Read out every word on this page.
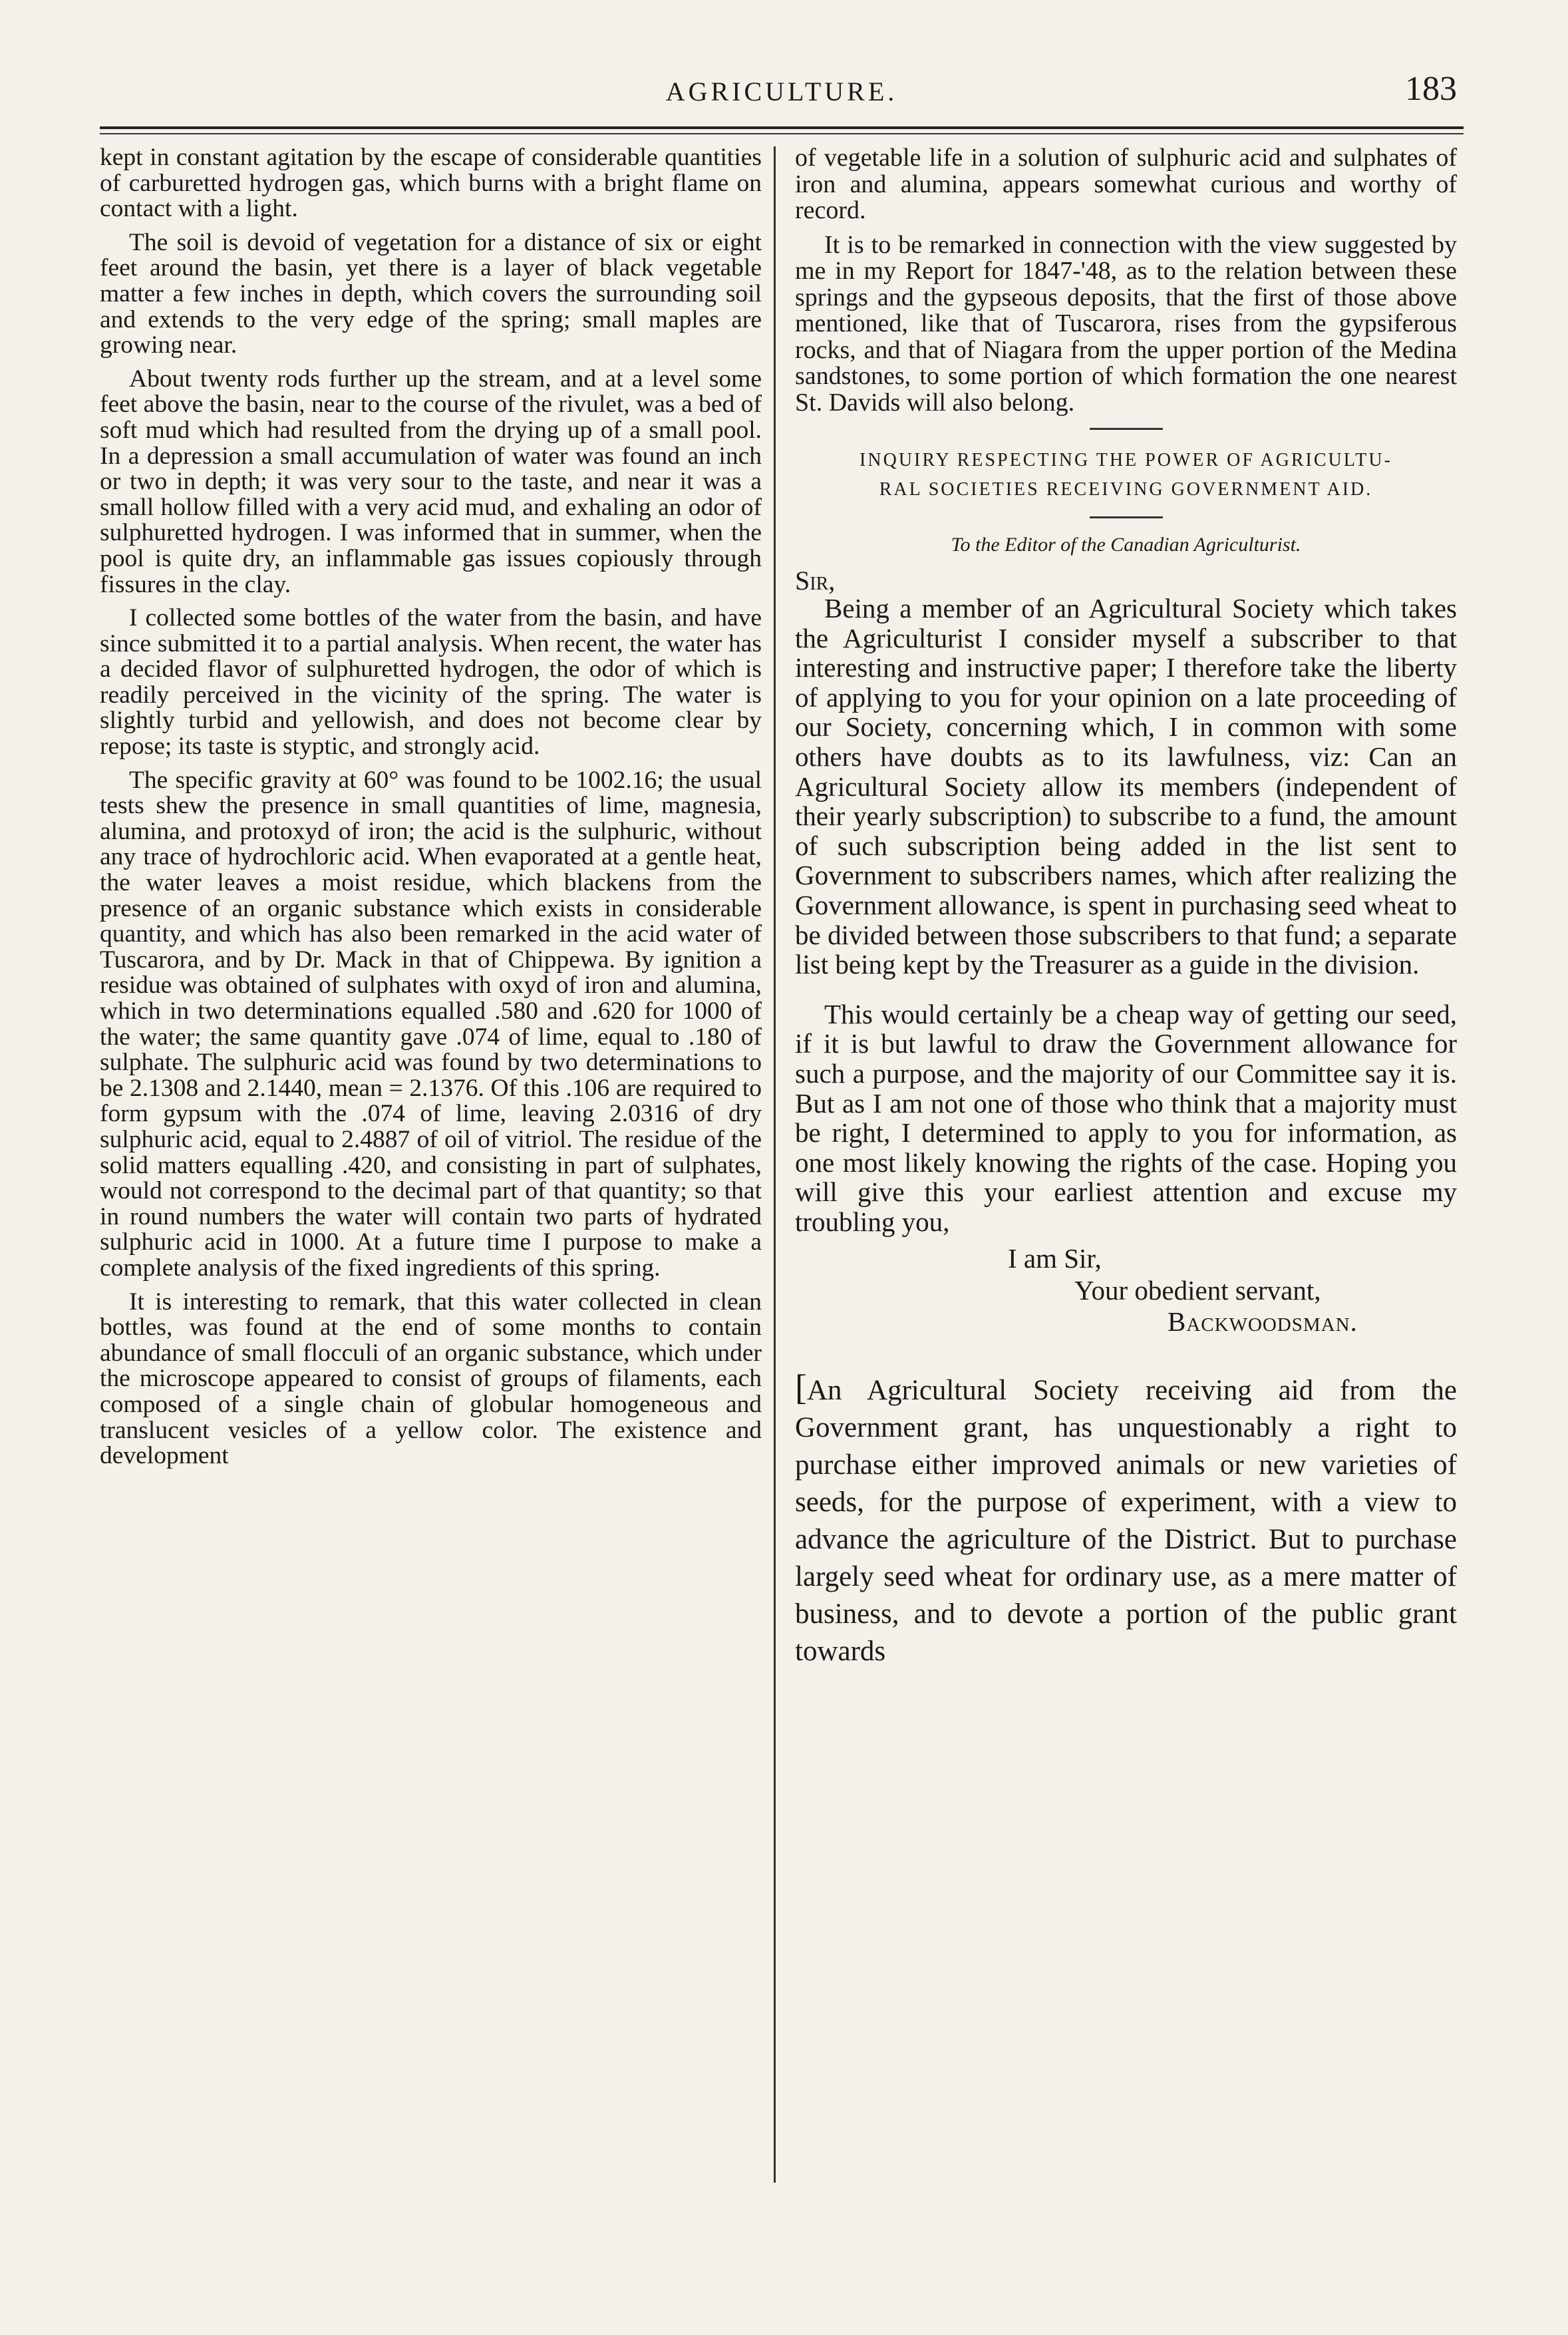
AGRICULTURE.	183

kept in constant agitation by the escape of considerable quantities of carburetted hydrogen gas, which burns with a bright flame on contact with a light.

The soil is devoid of vegetation for a distance of six or eight feet around the basin, yet there is a layer of black vegetable matter a few inches in depth, which covers the surrounding soil and extends to the very edge of the spring; small maples are growing near.

About twenty rods further up the stream, and at a level some feet above the basin, near to the course of the rivulet, was a bed of soft mud which had resulted from the drying up of a small pool. In a depression a small accumulation of water was found an inch or two in depth; it was very sour to the taste, and near it was a small hollow filled with a very acid mud, and exhaling an odor of sulphuretted hydrogen. I was informed that in summer, when the pool is quite dry, an inflammable gas issues copiously through fissures in the clay.

I collected some bottles of the water from the basin, and have since submitted it to a partial analysis. When recent, the water has a decided flavor of sulphuretted hydrogen, the odor of which is readily perceived in the vicinity of the spring. The water is slightly turbid and yellowish, and does not become clear by repose; its taste is styptic, and strongly acid.

The specific gravity at 60° was found to be 1002.16; the usual tests shew the presence in small quantities of lime, magnesia, alumina, and protoxyd of iron; the acid is the sulphuric, without any trace of hydrochloric acid. When evaporated at a gentle heat, the water leaves a moist residue, which blackens from the presence of an organic substance which exists in considerable quantity, and which has also been remarked in the acid water of Tuscarora, and by Dr. Mack in that of Chippewa. By ignition a residue was obtained of sulphates with oxyd of iron and alumina, which in two determinations equalled .580 and .620 for 1000 of the water; the same quantity gave .074 of lime, equal to .180 of sulphate. The sulphuric acid was found by two determinations to be 2.1308 and 2.1440, mean = 2.1376. Of this .106 are required to form gypsum with the .074 of lime, leaving 2.0316 of dry sulphuric acid, equal to 2.4887 of oil of vitriol. The residue of the solid matters equalling .420, and consisting in part of sulphates, would not correspond to the decimal part of that quantity; so that in round numbers the water will contain two parts of hydrated sulphuric acid in 1000. At a future time I purpose to make a complete analysis of the fixed ingredients of this spring.

It is interesting to remark, that this water collected in clean bottles, was found at the end of some months to contain abundance of small flocculi of an organic substance, which under the microscope appeared to consist of groups of filaments, each composed of a single chain of globular homogeneous and translucent vesicles of a yellow color. The existence and development

of vegetable life in a solution of sulphuric acid and sulphates of iron and alumina, appears somewhat curious and worthy of record.

It is to be remarked in connection with the view suggested by me in my Report for 1847-'48, as to the relation between these springs and the gypseous deposits, that the first of those above mentioned, like that of Tuscarora, rises from the gypsiferous rocks, and that of Niagara from the upper portion of the Medina sandstones, to some portion of which formation the one nearest St. Davids will also belong.

INQUIRY RESPECTING THE POWER OF AGRICULTU-
RAL SOCIETIES RECEIVING GOVERNMENT AID.
To the Editor of the Canadian Agriculturist.
Sir,

Being a member of an Agricultural Society which takes the Agriculturist I consider myself a subscriber to that interesting and instructive paper; I therefore take the liberty of applying to you for your opinion on a late proceeding of our Society, concerning which, I in common with some others have doubts as to its lawfulness, viz: Can an Agricultural Society allow its members (independent of their yearly subscription) to subscribe to a fund, the amount of such subscription being added in the list sent to Government to subscribers names, which after realizing the Government allowance, is spent in purchasing seed wheat to be divided between those subscribers to that fund; a separate list being kept by the Treasurer as a guide in the division.

This would certainly be a cheap way of getting our seed, if it is but lawful to draw the Government allowance for such a purpose, and the majority of our Committee say it is. But as I am not one of those who think that a majority must be right, I determined to apply to you for information, as one most likely knowing the rights of the case. Hoping you will give this your earliest attention and excuse my troubling you,

I am Sir,
Your obedient servant,
Backwoodsman.

[An Agricultural Society receiving aid from the Government grant, has unquestionably a right to purchase either improved animals or new varieties of seeds, for the purpose of experiment, with a view to advance the agriculture of the District. But to purchase largely seed wheat for ordinary use, as a mere matter of business, and to devote a portion of the public grant towards
